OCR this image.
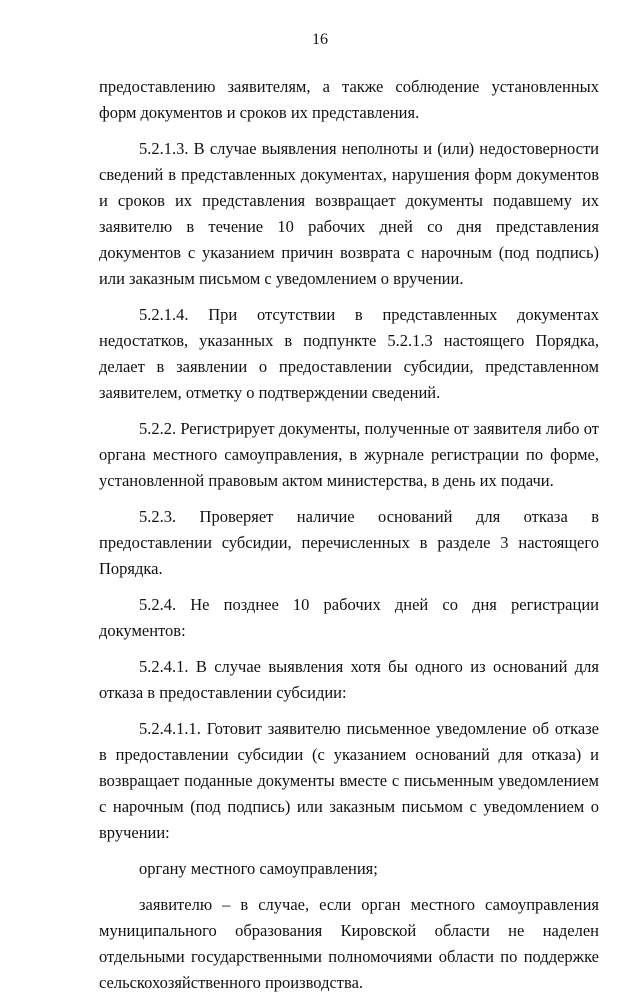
16

предоставлению заявителям, а также соблюдение установленных форм документов и сроков их представления.

5.2.1.3. В случае выявления неполноты и (или) недостоверности сведений в представленных документах, нарушения форм документов и сроков их представления возвращает документы подавшему их заявителю в течение 10 рабочих дней со дня представления документов с указанием причин возврата с нарочным (под подпись) или заказным письмом с уведомлением о вручении.

5.2.1.4. При отсутствии в представленных документах недостатков, указанных в подпункте 5.2.1.3 настоящего Порядка, делает в заявлении о предоставлении субсидии, представленном заявителем, отметку о подтверждении сведений.

5.2.2. Регистрирует документы, полученные от заявителя либо от органа местного самоуправления, в журнале регистрации по форме, установленной правовым актом министерства, в день их подачи.

5.2.3. Проверяет наличие оснований для отказа в предоставлении субсидии, перечисленных в разделе 3 настоящего Порядка.

5.2.4. Не позднее 10 рабочих дней со дня регистрации документов:

5.2.4.1. В случае выявления хотя бы одного из оснований для отказа в предоставлении субсидии:

5.2.4.1.1. Готовит заявителю письменное уведомление об отказе в предоставлении субсидии (с указанием оснований для отказа) и возвращает поданные документы вместе с письменным уведомлением с нарочным (под подпись) или заказным письмом с уведомлением о вручении:

органу местного самоуправления;

заявителю – в случае, если орган местного самоуправления муниципального образования Кировской области не наделен отдельными государственными полномочиями области по поддержке сельскохозяйственного производства.
